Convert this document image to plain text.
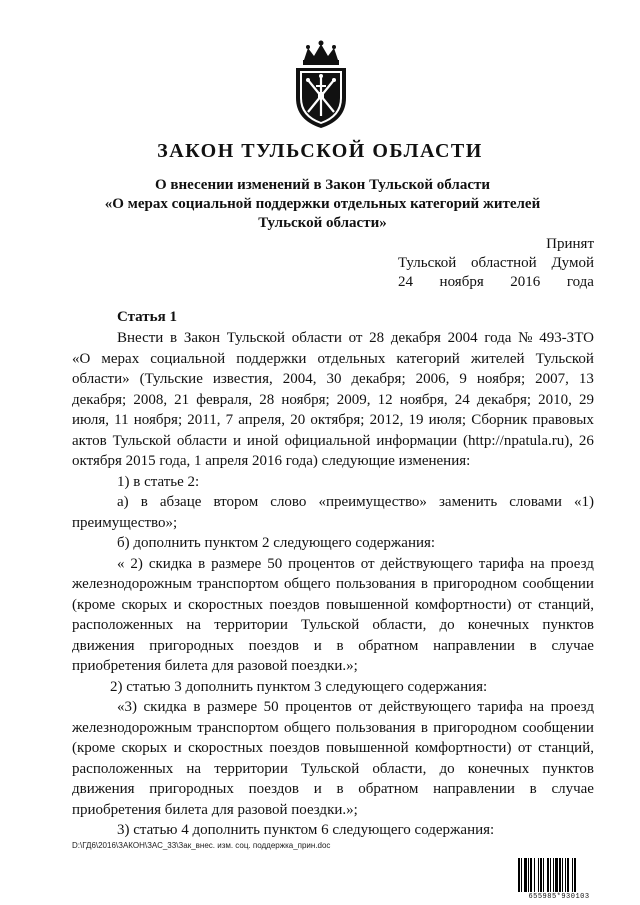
ЗАКОН ТУЛЬСКОЙ ОБЛАСТИ
О внесении изменений в Закон Тульской области
«О мерах социальной поддержки отдельных категорий жителей
Тульской области»
Принят
Тульской областной Думой
24 ноября 2016 года
Статья 1
Внести в Закон Тульской области от 28 декабря 2004 года № 493-ЗТО
«О мерах социальной поддержки отдельных категорий жителей Тульской
области» (Тульские известия, 2004, 30 декабря; 2006, 9 ноября; 2007, 13
декабря; 2008, 21 февраля, 28 ноября; 2009, 12 ноября, 24 декабря; 2010, 29
июля, 11 ноября; 2011, 7 апреля, 20 октября; 2012, 19 июля; Сборник правовых
актов Тульской области и иной официальной информации (http://npatula.ru), 26
октября 2015 года, 1 апреля 2016 года) следующие изменения:
1) в статье 2:
а) в абзаце втором слово «преимущество» заменить словами «1)
преимущество»;
б) дополнить пунктом 2 следующего содержания:
« 2) скидка в размере 50 процентов от действующего тарифа на проезд
железнодорожным транспортом общего пользования в пригородном сообщении
(кроме скорых и скоростных поездов повышенной комфортности) от станций,
расположенных на территории Тульской области, до конечных пунктов
движения пригородных поездов и в обратном направлении в случае
приобретения билета для разовой поездки.»;
2) статью 3 дополнить пунктом 3 следующего содержания:
«3) скидка в размере 50 процентов от действующего тарифа на проезд
железнодорожным транспортом общего пользования в пригородном сообщении
(кроме скорых и скоростных поездов повышенной комфортности) от станций,
расположенных на территории Тульской области, до конечных пунктов
движения пригородных поездов и в обратном направлении в случае
приобретения билета для разовой поездки.»;
3) статью 4 дополнить пунктом 6 следующего содержания:
D:\ГД6\2016\ЗАКОН\ЗАС_33\Зак_внес. изм. соц. поддержка_прин.doc
655985*930103
